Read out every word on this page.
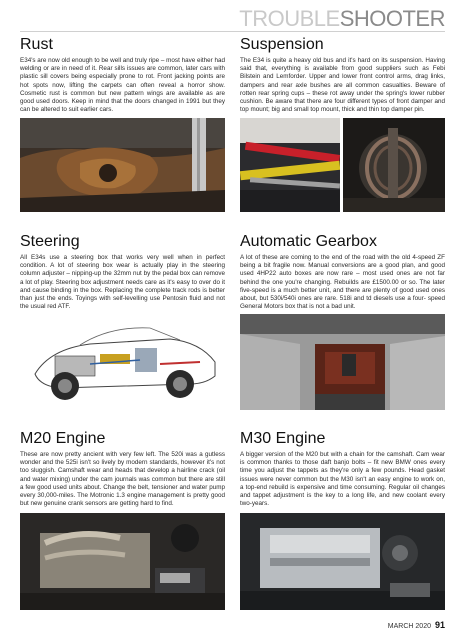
TROUBLESHOOTER
Rust

E34's are now old enough to be well and truly ripe – most have either had welding or are in need of it. Rear sills issues are common, later cars with plastic sill covers being especially prone to rot. Front jacking points are hot spots now, lifting the carpets can often reveal a horror show. Cosmetic rust is common but new pattern wings are available as are good used doors. Keep in mind that the doors changed in 1991 but they can be altered to suit earlier cars.

Suspension

The E34 is quite a heavy old bus and it's hard on its suspension. Having said that, everything is available from good suppliers such as Febi Bilstein and Lemforder. Upper and lower front control arms, drag links, dampers and rear axle bushes are all common casualties. Beware of rotten rear spring cups – these rot away under the spring's lower rubber cushion. Be aware that there are four different types of front damper and top mount; big and small top mount, thick and thin top damper pin.

Steering

All E34s use a steering box that works very well when in perfect condition. A lot of steering box wear is actually play in the steering column adjuster – nipping-up the 32mm nut by the pedal box can remove a lot of play. Steering box adjustment needs care as it's easy to over do it and cause binding in the box. Replacing the complete track rods is better than just the ends. Toyings with self-levelling use Pentosin fluid and not the usual red ATF.

Automatic Gearbox

A lot of these are coming to the end of the road with the old 4-speed ZF being a bit fragile now. Manual conversions are a good plan, and good used 4HP22 auto boxes are now rare – most used ones are not far behind the one you're changing. Rebuilds are £1500.00 or so. The later five-speed is a much better unit, and there are plenty of good used ones about, but 530i/540i ones are rare. 518i and td diesels use a four- speed General Motors box that is not a bad unit.

M20 Engine

These are now pretty ancient with very few left. The 520i was a gutless wonder and the 525i isn't so lively by modern standards, however it's not too sluggish. Camshaft wear and heads that develop a hairline crack (oil and water mixing) under the cam journals was common but there are still a few good used units about. Change the belt, tensioner and water pump every 30,000-miles. The Motronic 1.3 engine management is pretty good but new genuine crank sensors are getting hard to find.

M30 Engine

A bigger version of the M20 but with a chain for the camshaft. Cam wear is common thanks to those daft banjo bolts – fit new BMW ones every time you adjust the tappets as they're only a few pounds. Head gasket issues were never common but the M30 isn't an easy engine to work on, a top-end rebuild is expensive and time consuming. Regular oil changes and tappet adjustment is the key to a long life, and new coolant every two-years.

MARCH 2020 91
